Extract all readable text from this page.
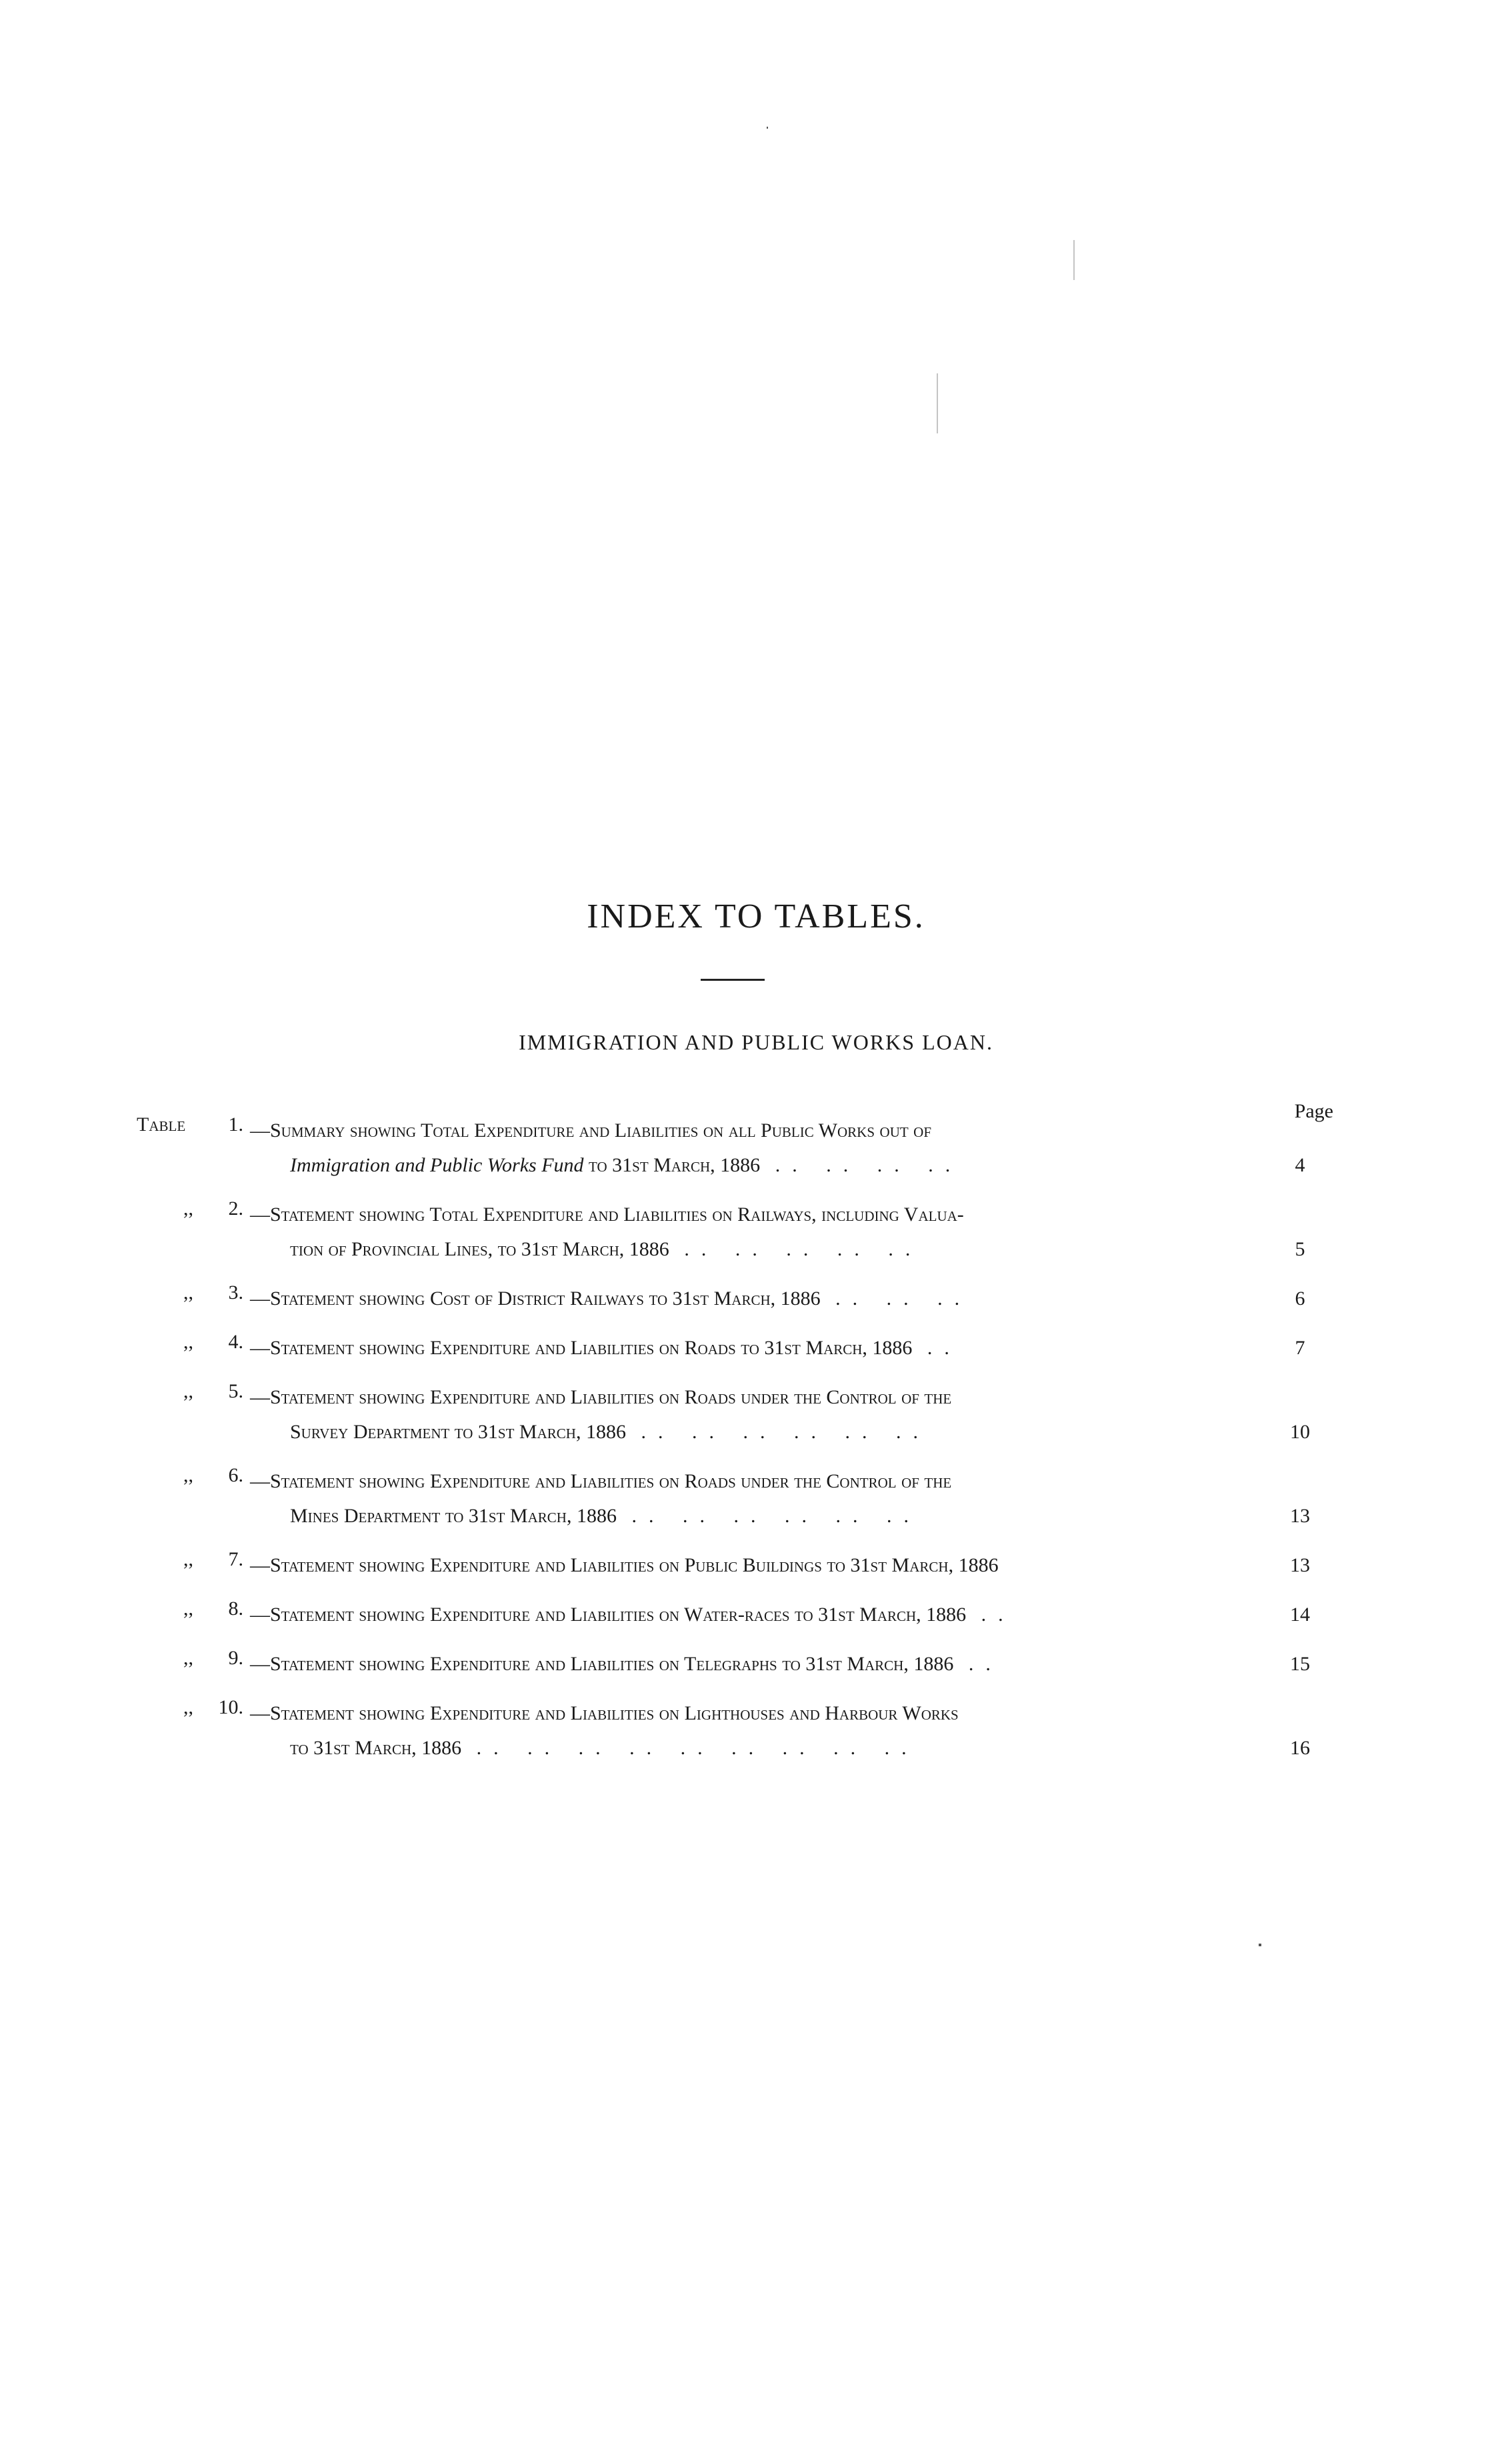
INDEX TO TABLES.
IMMIGRATION AND PUBLIC WORKS LOAN.
Page
Table	1. —Summary showing Total Expenditure and Liabilities on all Public Works out of
Immigration and Public Works Fund to 31st March, 1886 .. .. .. ..	4
,,	2. —Statement showing Total Expenditure and Liabilities on Railways, including Valua-
tion of Provincial Lines, to 31st March, 1886 .. .. .. .. ..	5
,,	3. —Statement showing Cost of District Railways to 31st March, 1886 .. .. ..	6
,,	4. —Statement showing Expenditure and Liabilities on Roads to 31st March, 1886 ..	7
,,	5. —Statement showing Expenditure and Liabilities on Roads under the Control of the
Survey Department to 31st March, 1886 .. .. .. .. .. ..	10
,,	6. —Statement showing Expenditure and Liabilities on Roads under the Control of the
Mines Department to 31st March, 1886 .. .. .. .. .. ..	13
,,	7. —Statement showing Expenditure and Liabilities on Public Buildings to 31st March, 1886	13
,,	8. —Statement showing Expenditure and Liabilities on Water-races to 31st March, 1886 ..	14
,,	9. —Statement showing Expenditure and Liabilities on Telegraphs to 31st March, 1886 ..	15
,,	10. —Statement showing Expenditure and Liabilities on Lighthouses and Harbour Works
to 31st March, 1886 .. .. .. .. .. .. .. .. ..	16
